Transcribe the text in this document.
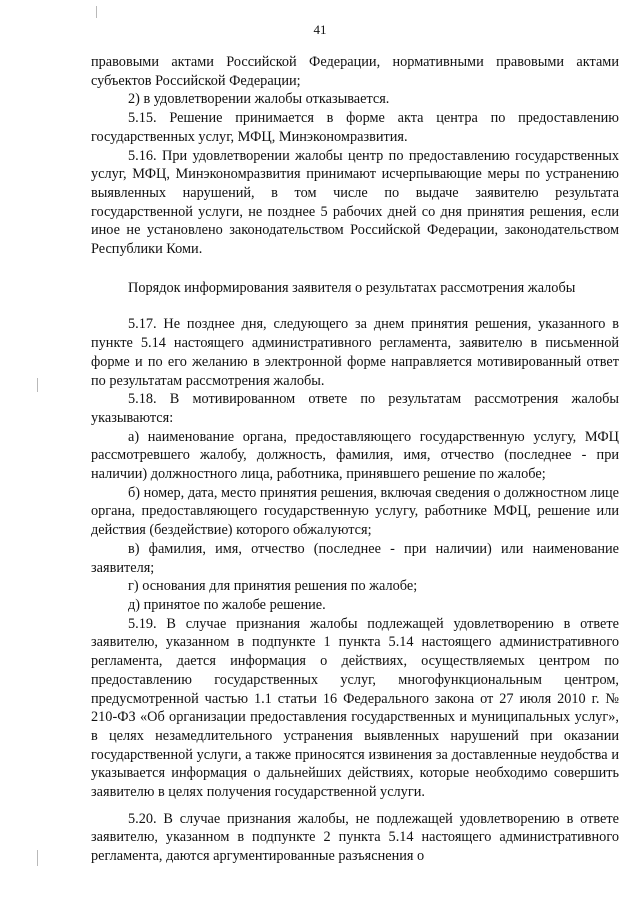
41

правовыми актами Российской Федерации, нормативными правовыми актами субъектов Российской Федерации;

2) в удовлетворении жалобы отказывается.

5.15. Решение принимается в форме акта центра по предоставлению государственных услуг, МФЦ, Минэкономразвития.

5.16. При удовлетворении жалобы центр по предоставлению государственных услуг, МФЦ, Минэкономразвития принимают исчерпывающие меры по устранению выявленных нарушений, в том числе по выдаче заявителю результата государственной услуги, не позднее 5 рабочих дней со дня принятия решения, если иное не установлено законодательством Российской Федерации, законодательством Республики Коми.

Порядок информирования заявителя о результатах рассмотрения жалобы

5.17. Не позднее дня, следующего за днем принятия решения, указанного в пункте 5.14 настоящего административного регламента, заявителю в письменной форме и по его желанию в электронной форме направляется мотивированный ответ по результатам рассмотрения жалобы.

5.18. В мотивированном ответе по результатам рассмотрения жалобы указываются:

а) наименование органа, предоставляющего государственную услугу, МФЦ рассмотревшего жалобу, должность, фамилия, имя, отчество (последнее - при наличии) должностного лица, работника, принявшего решение по жалобе;

б) номер, дата, место принятия решения, включая сведения о должностном лице органа, предоставляющего государственную услугу, работнике МФЦ, решение или действия (бездействие) которого обжалуются;

в) фамилия, имя, отчество (последнее - при наличии) или наименование заявителя;

г) основания для принятия решения по жалобе;

д) принятое по жалобе решение.

5.19. В случае признания жалобы подлежащей удовлетворению в ответе заявителю, указанном в подпункте 1 пункта 5.14 настоящего административного регламента, дается информация о действиях, осуществляемых центром по предоставлению государственных услуг, многофункциональным центром, предусмотренной частью 1.1 статьи 16 Федерального закона от 27 июля 2010 г. № 210-ФЗ «Об организации предоставления государственных и муниципальных услуг», в целях незамедлительного устранения выявленных нарушений при оказании государственной услуги, а также приносятся извинения за доставленные неудобства и указывается информация о дальнейших действиях, которые необходимо совершить заявителю в целях получения государственной услуги.

5.20. В случае признания жалобы, не подлежащей удовлетворению в ответе заявителю, указанном в подпункте 2 пункта 5.14 настоящего административного регламента, даются аргументированные разъяснения о
